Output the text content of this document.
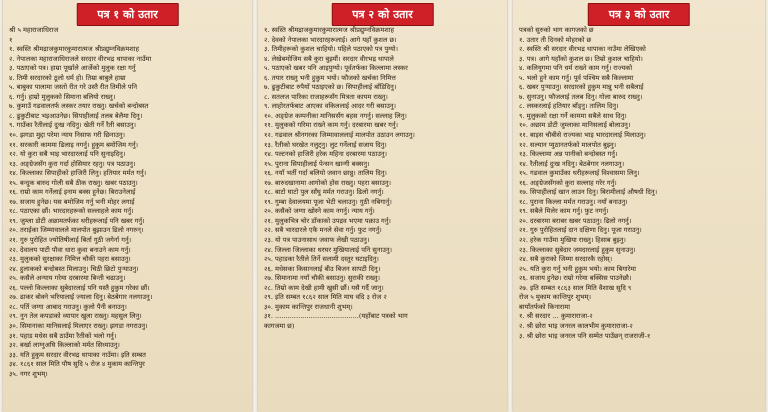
पत्र १ को उतार
श्री ५ महाराजाधिराज
१
१. स्वस्ति श्रीमद्राजकुमारकुमारात्मज श्रीप्रद्युम्नविक्रमशाह
२. नेपालका महाराजाधिराजले सरदार वीरभद्र थापाका नाउँमा
३. पठाएको पत्र। हाम्रा पूर्खाले आर्जेको मुलुक रक्षा गर्नु
४. तिमी सरदारको ठूलो धर्म हो। तिम्रा बाबुले हाम्रा
५. बाबुका पालामा जस्तो रीत गरे उस्तै रीत तिमीले पनि
६. गर्नु। हाम्रो मुलुकको सिमाना बलियो राख्नु।
७. कुमाउँ गढवालतर्फ लस्कर तयार राख्नु। खर्चको बन्दोबस्त
८. ढुकुटीबाट भइआउनेछ। सिपाहीलाई तलब बेलैमा दिनु।
९. गाउँका रैतीलाई दुःख नदिनु। खेती गर्ने रैती बसाउनु।
१०. झगडा मुद्दा परेमा न्याय निसाफ गरी छिनाउनु।
११. सरकारी काममा ढिलाइ नगर्नु। हुकुम बमोजिम गर्नु।
१२. यो कुरा सबै भाइ भारदारलाई पनि सुनाइदिनु।
१३. अङ्ग्रेजसँग कुरा गर्दा होसियार रहनु। पत्र पठाउनु।
१४. किल्लाका सिपाहीको हाजिरी लिनु। हतियार मर्मत गर्नु।
१५. बन्दुक बारुद गोली सबै ठीक राख्नु। खबर पठाउनु।
१६. राम्रो काम गर्नेलाई इनाम बक्स हुनेछ। बिराउनेलाई
१७. सजाय हुनेछ। यस बमोजिम गर्नु भनी मोहर लगाई
१८. पठाएका छौं। भारदारहरूको सल्लाहले काम गर्नु।
१९. जुम्ला डोटी अछामतर्फका थरीहरूलाई पनि खबर गर्नु।
२०. तराईका जिम्मावालले मालपोत बुझाउन ढिलो नगरुन्।
२१. गुरु पुरोहित ज्योतिषीलाई बिर्ता गुठी जगेर्ना गर्नु।
२२. देवालय पाटी पौवा धारा कुवा बनाउने काम गर्नु।
२३. मुलुकको सुरक्षाका निमित्त चौकी पहरा बसाउनु।
२४. हुलाकको बन्दोबस्त मिलाउनु। चिठी छिटो पुर्‍याउनु।
२५. कसैले अन्याय गरेमा दरबारमा बिन्ती चढाउनु।
२६. पल्लो किल्लाका सुबेदारलाई पनि यस्तै हुकुम गरेका छौं।
२७. ढाकर बोक्ने भरियालाई ज्याला दिनु। बेठबेगार नलगाउनु।
२८. पर्ति जग्गा आबाद गराउनु। कुलो पैनी बनाउनु।
२९. नुन तेल कपडाको व्यापार खुला राख्नु। महसुल लिनु।
३०. सिमानाका मानिसलाई मिलाएर राख्नु। झगडा नगराउनु।
३१. पहाड मधेस सबै ठाउँमा रैतीको भलो गर्नु।
३२. बर्खा लाग्नुअघि किल्लाको मर्मत सिध्याउनु।
३३. यति हुकुम सरदार वीरभद्र थापाका नाउँमा। इति सम्बत
३४. १८६१ साल मिति पौष सुदि ५ रोज ४ मुकाम कान्तिपुर
३५. नगर शुभम्।
पत्र २ को उतार
१. स्वस्ति श्रीमद्राजकुमारकुमारात्मज श्रीप्रद्युम्नविक्रमशाह
२. देवको नेपालका भारदारहरूलाई। आगे यहाँ कुशल छ।
३. तिमीहरूको कुशल चाहियो। पहिले पठाएको पत्र पुग्यो।
४. लेखेबमोजिम सबै कुरा बुझ्यौं। सरदार वीरभद्र थापाले
५. पठाएको खबर पनि आइपुग्यो। पूर्वतर्फका किल्लामा लस्कर
६. तयार राख्नु भनी हुकुम भयो। फौजको खर्चका निमित्त
७. ढुकुटीबाट रुपैयाँ पठाइएको छ। सिपाहीलाई बाँडिदिनु।
८. सतलज पारिका राजाहरूसँग मित्रता कायम राख्नु।
९. लाहोरतर्फबाट आएका वकिललाई आदर गरी बसाउनु।
१०. अङ्ग्रेज कम्पनीका मानिससँग बहस नगर्नु। सल्लाह लिनु।
११. मुलुकको गरिमा राख्ने काम गर्नु। दरबारमा खबर गर्नु।
१२. गढवाल श्रीनगरका जिम्मावाललाई मालपोत उठाउन लगाउनु।
१३. रैतीको घरखेत नलुट्नु। लुट गर्नेलाई सजाय दिनु।
१४. पल्टनको हाजिरी हरेक महिना दरबारमा पठाउनु।
१५. पुराना सिपाहीलाई पेन्सन खान्गी बक्सनु।
१६. नयाँ भर्ती गर्दा बलियो जवान छान्नु। तालिम दिनु।
१७. बारुदखानामा आगोको होस राख्नु। पहरा बसाउनु।
१८. बाटो घाटो पुल साँघु मर्मत गराउनु। ढिलो नगर्नु।
१९. गुम्बा देवालयमा पूजा भेटी चलाउनु। गुठी नबिगार्नु।
२०. कसैको जग्गा खोस्ने काम नगर्नु। न्याय गर्नु।
२१. मुलुकभित्र चोर डाँकाको उपद्रव भएमा पक्राउ गर्नु।
२२. सबै भारदारले एकै मनले सेवा गर्नु। फुट नगर्नु।
२३. यो पत्र पाउनासाथ जवाफ लेखी पठाउनु।
२४. जिल्ला जिल्लाका थरघर मुखियालाई पनि सुनाउनु।
२५. पहाडका रैतीले तिर्ने सलामी दस्तुर घटाइदिनु।
२६. मधेसका किसानलाई बीउ बिजन सापटी दिनु।
२७. सिमानामा नयाँ चौकी बसाउनु। सुराकी राख्नु।
२८. तिम्रो काम देखी हामी खुसी छौं। यसै गर्दै जानु।
२९. इति सम्बत १८६२ साल मिति माघ वदि ३ रोज २
३०. मुकाम कान्तिपुर राजधानी शुभम्।
३१. ........................................(यहाँबाट पत्रको भाग
कागजमा छ)
पत्र ३ को उतार
पत्रको सुरुको भाग कागजको छ
१. उतार ती दिनको मोहरको छ
२. स्वस्ति श्री सरदार वीरभद्र थापाका नाउँमा लेखिएको
३. पत्र। आगे यहाँको कुशल छ। तिम्रो कुशल चाहियो।
४. कलियुगमा पनि धर्म राख्ने काम गर्नु। राज्यको
५. भलो हुने काम गर्नु। पूर्व पश्चिम सबै किल्लामा
६. खबर पुर्‍याउनु। सरदारको हुकुम मान्नु भनी सबैलाई
७. सुनाउनु। फौजलाई तलब दिनु। गोला बारुद राख्नु।
८. लस्करलाई हतियार बाँड्नु। तालिम दिनु।
९. मुलुकको रक्षा गर्ने काममा सबैले साथ दिनु।
१०. अछाम डोटी जुम्लाका मानिसलाई बोलाउनु।
११. बाइस चौबीसे राज्यका भाइ भारदारलाई मिलाउनु।
१२. सल्यान प्युठानतर्फको मालपोत बुझ्नु।
१३. किल्लामा अन्न पानीको बन्दोबस्त गर्नु।
१४. रैतीलाई दुःख नदिनु। बेठबेगार नलगाउनु।
१५. गढवाल कुमाउँका थरीहरूलाई विश्वासमा लिनु।
१६. अङ्ग्रेजसँगको कुरा सल्लाह गरेर गर्नु।
१७. सिपाहीलाई खान लाउन दिनु। बिरामीलाई औषधी दिनु।
१८. पुराना किल्ला मर्मत गराउनु। नयाँ बनाउनु।
१९. सबैले मिलेर काम गर्नु। फुट नगर्नु।
२०. दरबारमा बराबर खबर पठाउनु। ढिलो नगर्नु।
२१. गुरु पुरोहितलाई दान दक्षिणा दिनु। पूजा गराउनु।
२२. हरेक गाउँमा मुखिया राख्नु। हिसाब बुझ्नु।
२३. किल्लाका सुबेदार जमदारलाई हुकुम सुनाउनु।
२४. सबै कुराको जिम्मा सरदारकै रहोस्।
२५. यति कुरा गर्नु भनी हुकुम भयो। काम बिगारेमा
२६. सजाय हुनेछ। राम्रो गरेमा बक्सिस पाउनेछौ।
२७. इति सम्बत १८६३ साल मिति वैशाख सुदि ९
रोज ५ मुकाम कान्तिपुर शुभम्।
बायाँतर्फको किनारामा
१. श्री सरदार … कुमाराराजा-२
२. श्री छोरा भाइ जनरल कालभीम कुमाराराजा-२
३. श्री छोरा भाइ जनरल पनि सम्मेत पाउँछन् राजराजी-१
